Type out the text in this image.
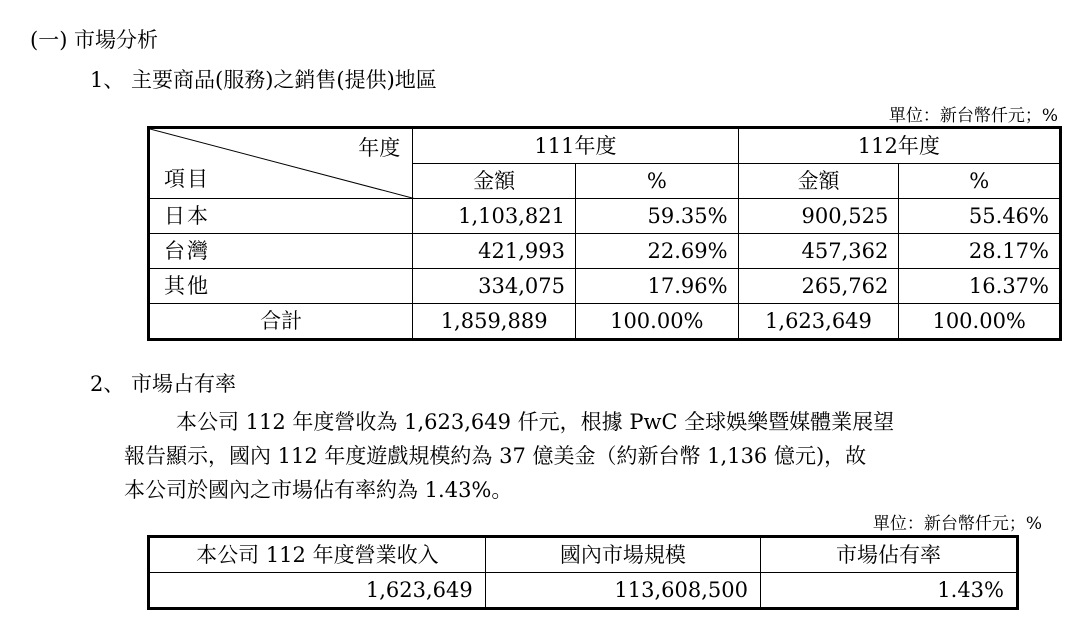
(一) 市場分析
1、 主要商品(服務)之銷售(提供)地區
單位：新台幣仟元；%
年度
項目	111年度		112年度	
	金額	%	金額	%
日本	1,103,821	59.35%	900,525	55.46%
台灣	421,993	22.69%	457,362	28.17%
其他	334,075	17.96%	265,762	16.37%
合計	1,859,889	100.00%	1,623,649	100.00%
2、 市場占有率
本公司 112 年度營收為 1,623,649 仟元，根據 PwC 全球娛樂暨媒體業展望
報告顯示，國內 112 年度遊戲規模約為 37 億美金（約新台幣 1,136 億元)，故
本公司於國內之市場佔有率約為 1.43%。
單位：新台幣仟元；%
本公司 112 年度營業收入	國內市場規模	市場佔有率
1,623,649	113,608,500	1.43%
